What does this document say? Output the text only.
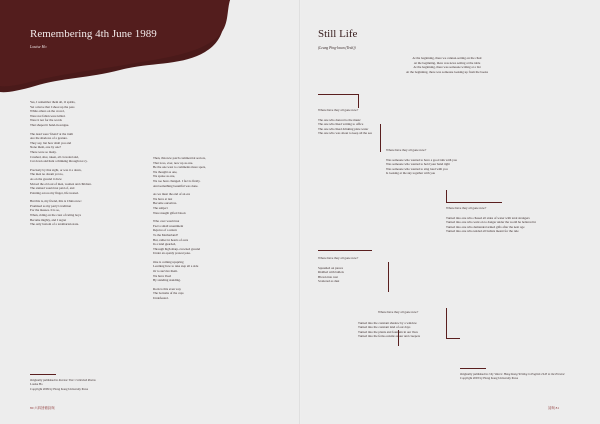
Remembering 4th June 1989
Louise Ho

Yes, I remember them all, O spirits,

Yet a move that I shoot up the pass

While others on the crowd,

Were not fallen were killed.

Were it not for the words

That shaped it hand-in-tongue.

The dead were 'friend' at the truth

Are the shadows of a gesture.

They say, but how shall you and

None them, one by one?

There were so many.

Crushed, shot, taken, all crowded and,

Cut down and hunt a thinking through not ry.

Precisely by that sight, or was it a dawn,

The men no dream yet no,

As on the ground it drew

Moved the old out of men, women and children.

The stained would not paid of, and

Pointing across my finger, life treated.

But this is, my friend, this is China now:

Promised as my party's tradition

For the masses. It is so,

When, riding on the crest of ruling boys

Became mighty, and I regret

The only bottom of a totalitarian state.

Then, this new patch commercial sectors,

That is us, ever, now up as one.

Be the one west to comments more spots,

We thought as one,

We spoke as one,

We too have changed. I fact is firstly.

And something beautiful was done.

As we must the end of an era

We have at last

Become ourselves.

The subject

Were naught gifted blood.

Who over would not

Feel a small resentment

Rejoice of a return

To the Motherland?

But, rather in hearts of ours

In a land guarded,

Through high sharp-crowned ground

Under an openly protest joke.

One is coming upspring

Learning how to take step all a side

Or to survive them.

We have lived

By standing standing.

Rock is this even way

The bottoms of the caps

Undefeated.

Originally published in Incense Tree: Collected Poems
Louise Ho
Copyright 2009 by Hong Kong University Press
80 六四回憶詩與
Still Life
(Leung Ping-kwan (Yesb))

At the beginning, there we cannon-setting on the chair

At the beginning, there was news setting at the table

At the beginning, there was someone writing at a list

At the beginning, there was someone looking up from the books

Where have they all gone now?

The one who danced to the music

The one who liked writing to office

The one who liked drinking plate water

The one who was about to keep all the sea

Where have they all gone now?

Was someone who wanted to have a good talk with you

Was someone who wanted to hold your hand tight

Was someone who wanted to sing loud with you

Is looking at the sky together with you

Where have they all gone now?

Turned into one who chased all sides of water with total strangers

Turned into one who went on to danger under the world he believed in

Turned into one who demanded armed gifts after the next age

Turned into one who tended all bullets meant for the rule

Where have they all gone now?

Squashed on pieces

Riddled with bullets

Blown into rust

Scattered as dust

Where have they all gone now?

Turned into the constant shadow by a window

Turned into the constant land of our days

Turned into the plants and fountain in our lives

Turned into the ferns outside as our and creepers

Originally published in City Voices: Hong Kong Writing in English 1945 to the Present
Copyright 2003 by Hong Kong University Press
詩與 81
